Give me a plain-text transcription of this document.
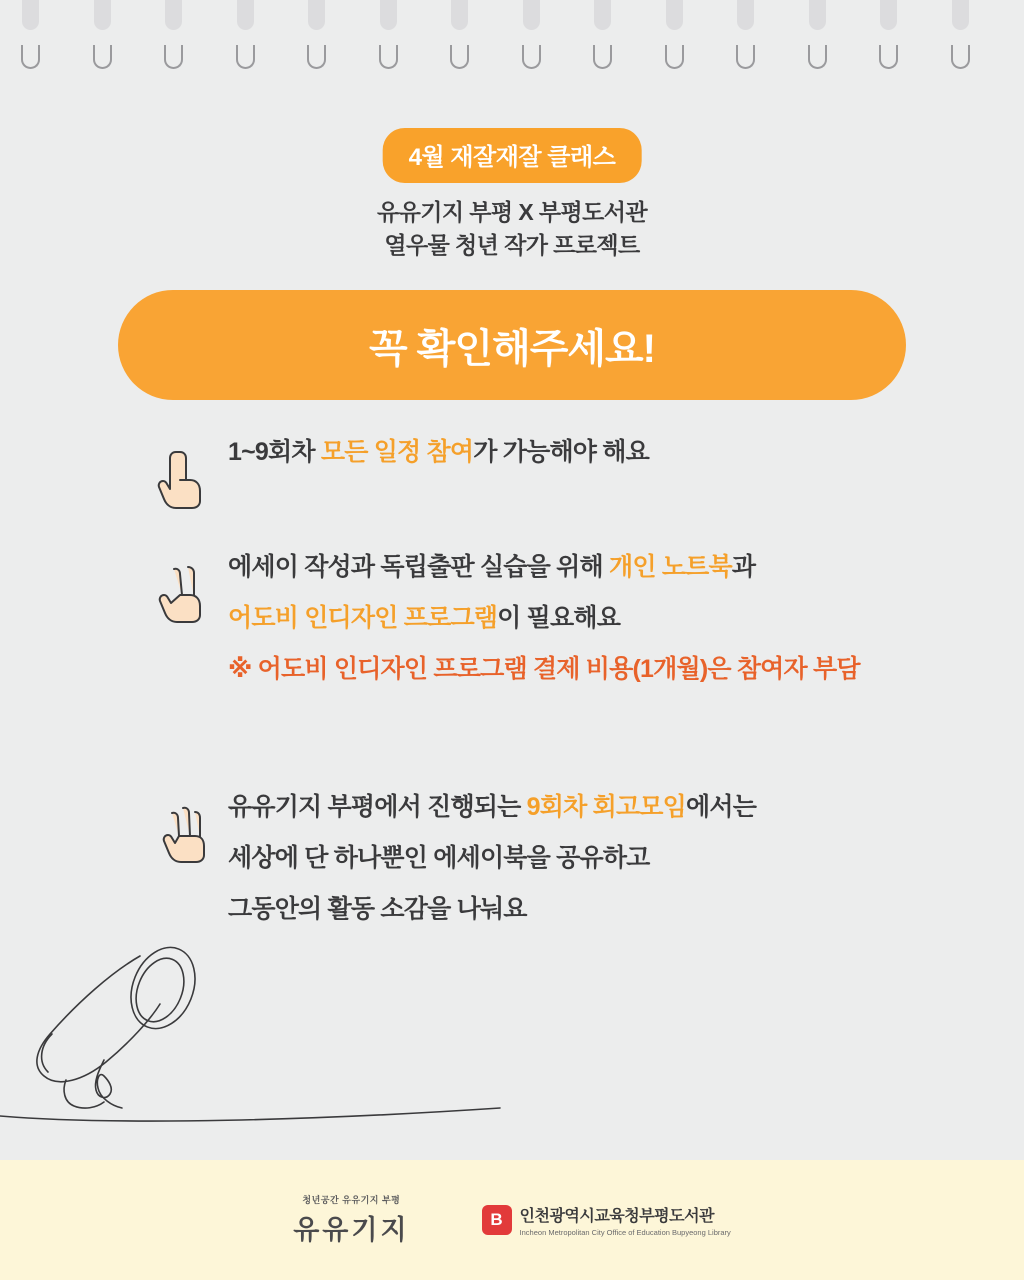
4월 재잘재잘 클래스
유유기지 부평 X 부평도서관
열우물 청년 작가 프로젝트
꼭 확인해주세요!
1~9회차 모든 일정 참여가 가능해야 해요
에세이 작성과 독립출판 실습을 위해 개인 노트북과
어도비 인디자인 프로그램이 필요해요
※ 어도비 인디자인 프로그램 결제 비용(1개월)은 참여자 부담
유유기지 부평에서 진행되는 9회차 회고모임에서는
세상에 단 하나뿐인 에세이북을 공유하고
그동안의 활동 소감을 나눠요
청년공간 유유기지 부평
유유기지	B	인천광역시교육청부평도서관
Incheon Metropolitan City Office of Education Bupyeong Library
